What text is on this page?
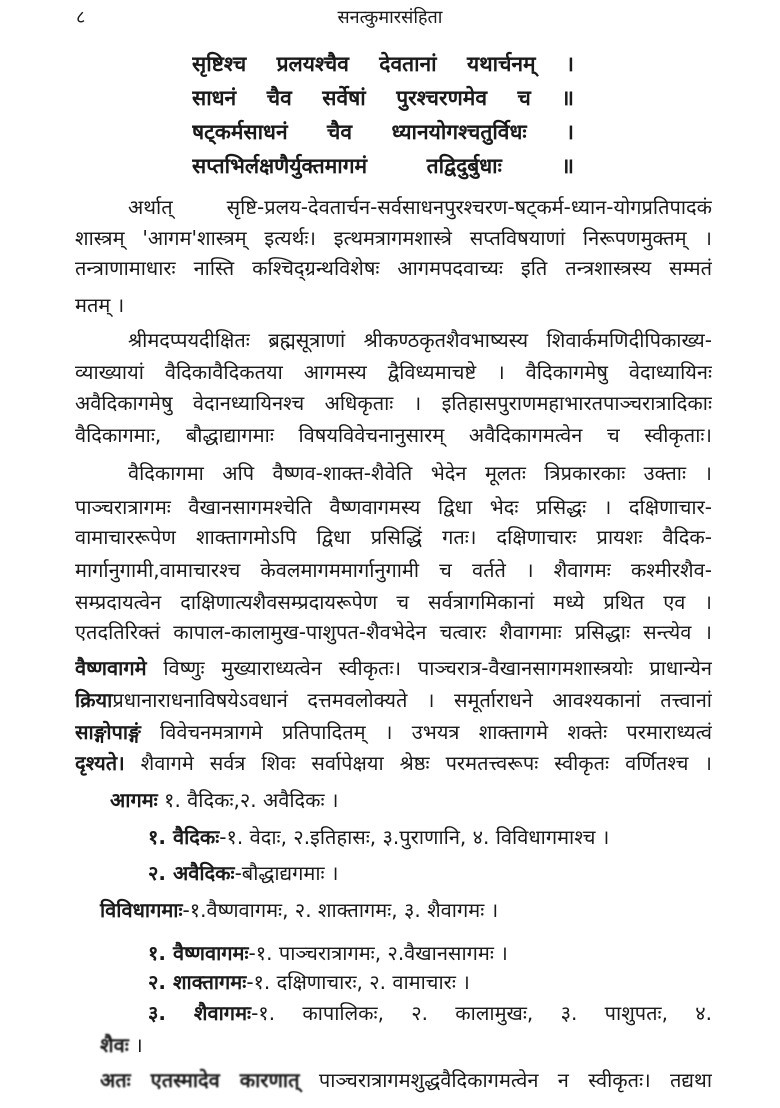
८	सनत्कुमारसंहिता
सृष्टिश्च प्रलयश्चैव देवतानां यथार्चनम् ।
साधनं चैव सर्वेषां पुरश्चरणमेव च ॥
षट्कर्मसाधनं चैव ध्यानयोगश्चतुर्विधः ।
सप्तभिर्लक्षणैर्युक्तमागमं तद्विदुर्बुधाः ॥
अर्थात् सृष्टि-प्रलय-देवतार्चन-सर्वसाधनपुरश्चरण-षट्कर्म-ध्यान-योगप्रतिपादकं
शास्त्रम् 'आगम'शास्त्रम् इत्यर्थः। इत्थमत्रागमशास्त्रे सप्तविषयाणां निरूपणमुक्तम् ।
तन्त्राणामाधारः नास्ति कश्चिद्ग्रन्थविशेषः आगमपदवाच्यः इति तन्त्रशास्त्रस्य सम्मतं
मतम् ।
श्रीमदप्पयदीक्षितः ब्रह्मसूत्राणां श्रीकण्ठकृतशैवभाष्यस्य शिवार्कमणिदीपिकाख्य-
व्याख्यायां वैदिकावैदिकतया आगमस्य द्वैविध्यमाचष्टे । वैदिकागमेषु वेदाध्यायिनः
अवैदिकागमेषु वेदानध्यायिनश्च अधिकृताः । इतिहासपुराणमहाभारतपाञ्चरात्रादिकाः
वैदिकागमाः, बौद्धाद्यागमाः विषयविवेचनानुसारम् अवैदिकागमत्वेन च स्वीकृताः।
वैदिकागमा अपि वैष्णव-शाक्त-शैवेति भेदेन मूलतः त्रिप्रकारकाः उक्ताः ।
पाञ्चरात्रागमः वैखानसागमश्चेति वैष्णवागमस्य द्विधा भेदः प्रसिद्धः । दक्षिणाचार-
वामाचाररूपेण शाक्तागमोऽपि द्विधा प्रसिद्धिं गतः। दक्षिणाचारः प्रायशः वैदिक-
मार्गानुगामी,वामाचारश्च केवलमागममार्गानुगामी च वर्तते । शैवागमः कश्मीरशैव-
सम्प्रदायत्वेन दाक्षिणात्यशैवसम्प्रदायरूपेण च सर्वत्रागमिकानां मध्ये प्रथित एव ।
एतदतिरिक्तं कापाल-कालामुख-पाशुपत-शैवभेदेन चत्वारः शैवागमाः प्रसिद्धाः सन्त्येव ।
वैष्णवागमे विष्णुः मुख्याराध्यत्वेन स्वीकृतः। पाञ्चरात्र-वैखानसागमशास्त्रयोः प्राधान्येन
क्रियाप्रधानाराधनाविषयेऽवधानं दत्तमवलोक्यते । समूर्ताराधने आवश्यकानां तत्त्वानां
साङ्गोपाङ्गं विवेचनमत्रागमे प्रतिपादितम् । उभयत्र शाक्तागमे शक्तेः परमाराध्यत्वं
दृश्यते। शैवागमे सर्वत्र शिवः सर्वापेक्षया श्रेष्ठः परमतत्त्वरूपः स्वीकृतः वर्णितश्च ।
आगमः १. वैदिकः,२. अवैदिकः ।
१. वैदिकः-१. वेदाः, २.इतिहासः, ३.पुराणानि, ४. विविधागमाश्च ।
२. अवैदिकः-बौद्धाद्यगमाः ।
विविधागमाः-१.वैष्णवागमः, २. शाक्तागमः, ३. शैवागमः ।
१. वैष्णवागमः-१. पाञ्चरात्रागमः, २.वैखानसागमः ।
२. शाक्तागमः-१. दक्षिणाचारः, २. वामाचारः ।
३. शैवागमः-१. कापालिकः, २. कालामुखः, ३. पाशुपतः, ४.
शैवः ।
अतः एतस्मादेव कारणात् पाञ्चरात्रागमशुद्धवैदिकागमत्वेन न स्वीकृतः। तद्यथा
